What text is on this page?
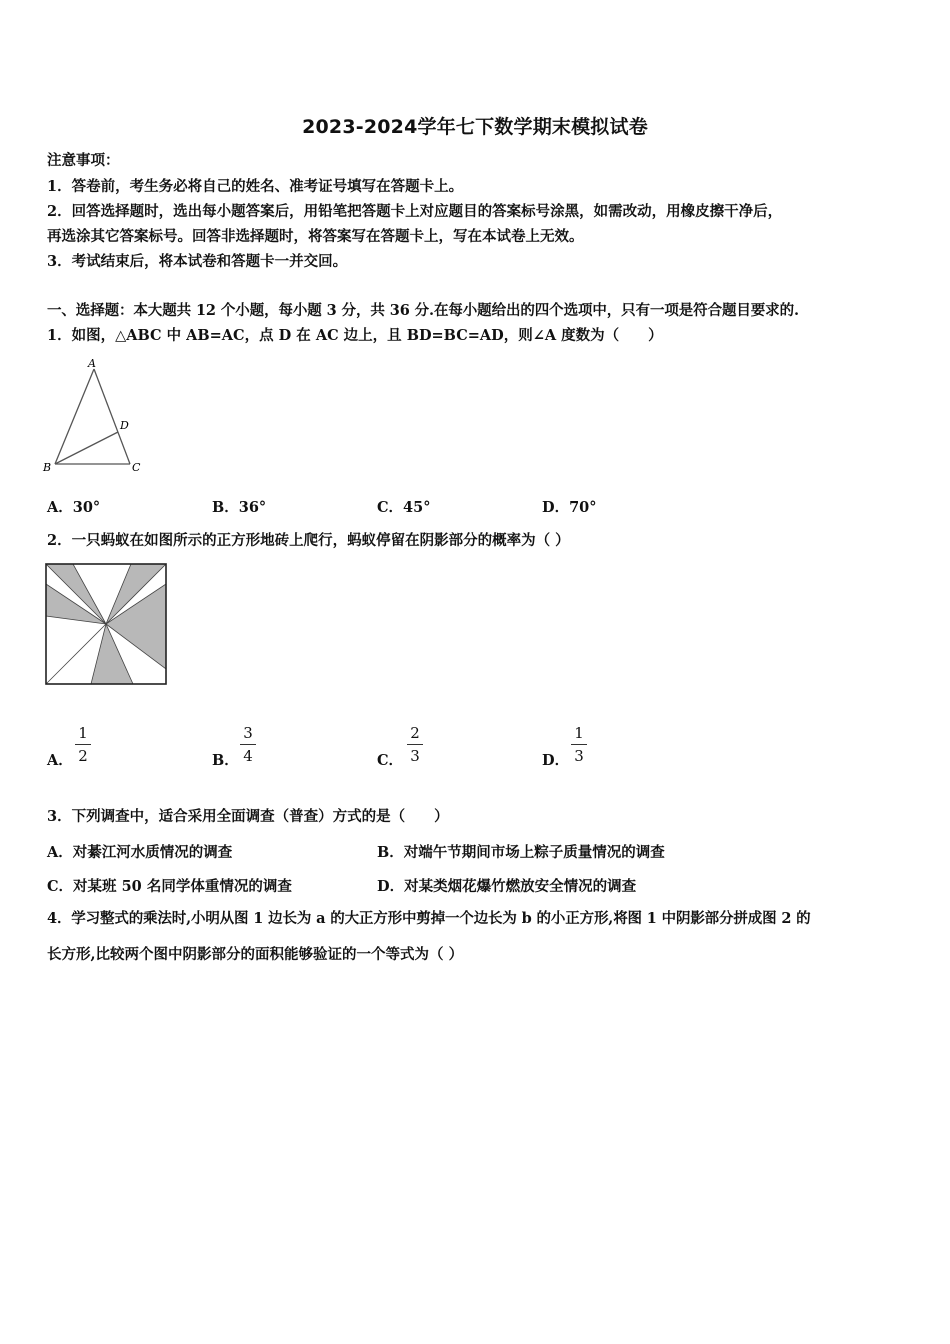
2023-2024学年七下数学期末模拟试卷
注意事项：
1．答卷前，考生务必将自己的姓名、准考证号填写在答题卡上。
2．回答选择题时，选出每小题答案后，用铅笔把答题卡上对应题目的答案标号涂黑，如需改动，用橡皮擦干净后，
再选涂其它答案标号。回答非选择题时，将答案写在答题卡上，写在本试卷上无效。
3．考试结束后，将本试卷和答题卡一并交回。
一、选择题：本大题共 12 个小题，每小题 3 分，共 36 分.在每小题给出的四个选项中，只有一项是符合题目要求的.
1．如图，△ABC 中 AB=AC，点 D 在 AC 边上，且 BD=BC=AD，则∠A 度数为（　　）
A
D
B	C
A．30°	B．36°	C．45°	D．70°
2．一只蚂蚁在如图所示的正方形地砖上爬行，蚂蚁停留在阴影部分的概率为（ ）
A．
1
2	B．
3
4	C．
2
3	D．
1
3
3．下列调查中，适合采用全面调查（普查）方式的是（　　）
A．对綦江河水质情况的调查	B．对端午节期间市场上粽子质量情况的调查
C．对某班 50 名同学体重情况的调查	D．对某类烟花爆竹燃放安全情况的调查
4．学习整式的乘法时,小明从图 1 边长为 a 的大正方形中剪掉一个边长为 b 的小正方形,将图 1 中阴影部分拼成图 2 的
长方形,比较两个图中阴影部分的面积能够验证的一个等式为（ ）
